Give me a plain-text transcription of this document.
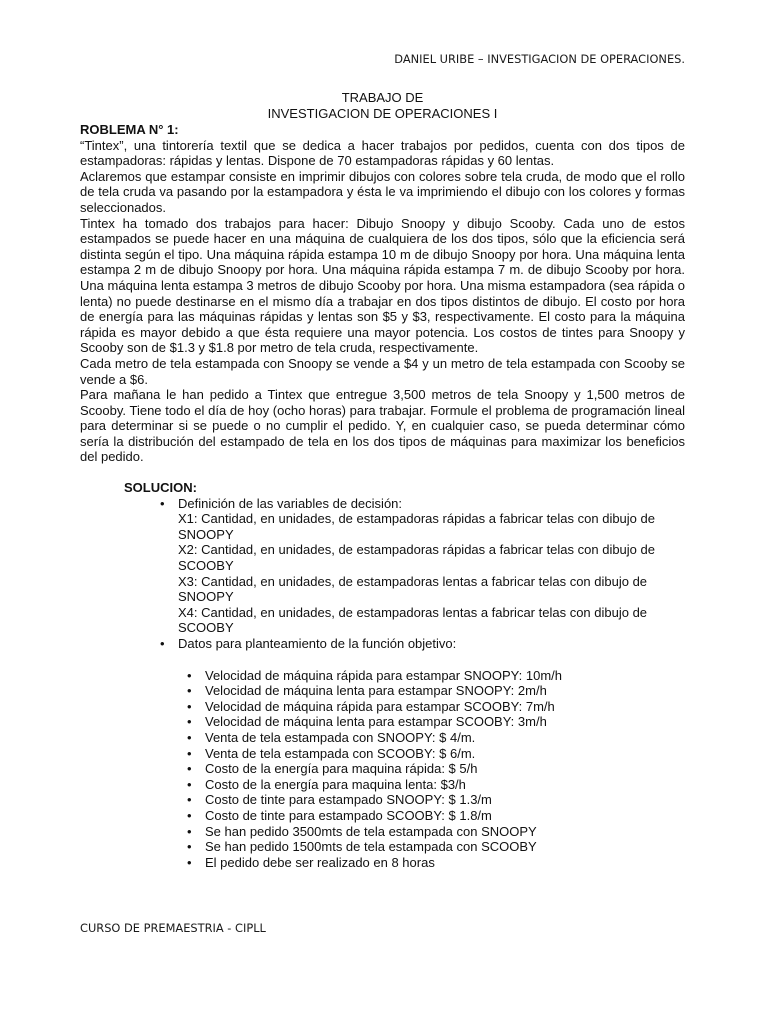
DANIEL URIBE – INVESTIGACION DE OPERACIONES.
TRABAJO DE
INVESTIGACION DE OPERACIONES I

ROBLEMA N° 1:

“Tintex”, una tintorería textil que se dedica a hacer trabajos por pedidos, cuenta con dos tipos de estampadoras: rápidas y lentas. Dispone de 70 estampadoras rápidas y 60 lentas.

Aclaremos que estampar consiste en imprimir dibujos con colores sobre tela cruda, de modo que el rollo de tela cruda va pasando por la estampadora y ésta le va imprimiendo el dibujo con los colores y formas seleccionados.

Tintex ha tomado dos trabajos para hacer: Dibujo Snoopy y dibujo Scooby. Cada uno de estos estampados se puede hacer en una máquina de cualquiera de los dos tipos, sólo que la eficiencia será distinta según el tipo. Una máquina rápida estampa 10 m de dibujo Snoopy por hora. Una máquina lenta estampa 2 m de dibujo Snoopy por hora. Una máquina rápida estampa 7 m. de dibujo Scooby por hora. Una máquina lenta estampa 3 metros de dibujo Scooby por hora. Una misma estampadora (sea rápida o lenta) no puede destinarse en el mismo día a trabajar en dos tipos distintos de dibujo. El costo por hora de energía para las máquinas rápidas y lentas son $5 y $3, respectivamente. El costo para la máquina rápida es mayor debido a que ésta requiere una mayor potencia. Los costos de tintes para Snoopy y Scooby son de $1.3 y $1.8 por metro de tela cruda, respectivamente.

Cada metro de tela estampada con Snoopy se vende a $4 y un metro de tela estampada con Scooby se vende a $6.

Para mañana le han pedido a Tintex que entregue 3,500 metros de tela Snoopy y 1,500 metros de Scooby. Tiene todo el día de hoy (ocho horas) para trabajar. Formule el problema de programación lineal para determinar si se puede o no cumplir el pedido. Y, en cualquier caso, se pueda determinar cómo sería la distribución del estampado de tela en los dos tipos de máquinas para maximizar los beneficios del pedido.

SOLUCION:

• Definición de las variables de decisión:

X1: Cantidad, en unidades, de estampadoras rápidas a fabricar telas con dibujo de SNOOPY

X2: Cantidad, en unidades, de estampadoras rápidas a fabricar telas con dibujo de SCOOBY

X3: Cantidad, en unidades, de estampadoras lentas a fabricar telas con dibujo de SNOOPY

X4: Cantidad, en unidades, de estampadoras lentas a fabricar telas con dibujo de SCOOBY

• Datos para planteamiento de la función objetivo:
• Velocidad de máquina rápida para estampar SNOOPY: 10m/h
• Velocidad de máquina lenta para estampar SNOOPY: 2m/h
• Velocidad de máquina rápida para estampar SCOOBY: 7m/h
• Velocidad de máquina lenta para estampar SCOOBY: 3m/h
• Venta de tela estampada con SNOOPY: $ 4/m.
• Venta de tela estampada con SCOOBY: $ 6/m.
• Costo de la energía para maquina rápida: $ 5/h
• Costo de la energía para maquina lenta: $3/h
• Costo de tinte para estampado SNOOPY: $ 1.3/m
• Costo de tinte para estampado SCOOBY: $ 1.8/m
• Se han pedido 3500mts de tela estampada con SNOOPY
• Se han pedido 1500mts de tela estampada con SCOOBY
• El pedido debe ser realizado en 8 horas
CURSO DE PREMAESTRIA - CIPLL
